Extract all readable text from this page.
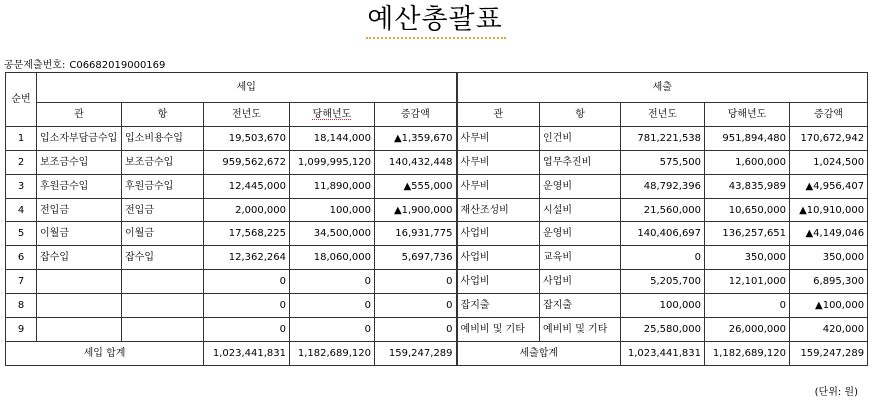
예산총괄표
공문제출번호: C06682019000169
순번	세입					세출				
	관	항	전년도	당해년도	증감액	관	항	전년도	당해년도	증감액
1	입소자부담금수입	입소비용수입	19,503,670	18,144,000	▲1,359,670	사무비	인건비	781,221,538	951,894,480	170,672,942
2	보조금수입	보조금수입	959,562,672	1,099,995,120	140,432,448	사무비	업무추진비	575,500	1,600,000	1,024,500
3	후원금수입	후원금수입	12,445,000	11,890,000	▲555,000	사무비	운영비	48,792,396	43,835,989	▲4,956,407
4	전입금	전입금	2,000,000	100,000	▲1,900,000	재산조성비	시설비	21,560,000	10,650,000	▲10,910,000
5	이월금	이월금	17,568,225	34,500,000	16,931,775	사업비	운영비	140,406,697	136,257,651	▲4,149,046
6	잡수입	잡수입	12,362,264	18,060,000	5,697,736	사업비	교육비	0	350,000	350,000
7			0	0	0	사업비	사업비	5,205,700	12,101,000	6,895,300
8			0	0	0	잡지출	잡지출	100,000	0	▲100,000
9			0	0	0	예비비 및 기타	예비비 및 기타	25,580,000	26,000,000	420,000
세입 합계			1,023,441,831	1,182,689,120	159,247,289	세출합계		1,023,441,831	1,182,689,120	159,247,289
(단위: 원)
